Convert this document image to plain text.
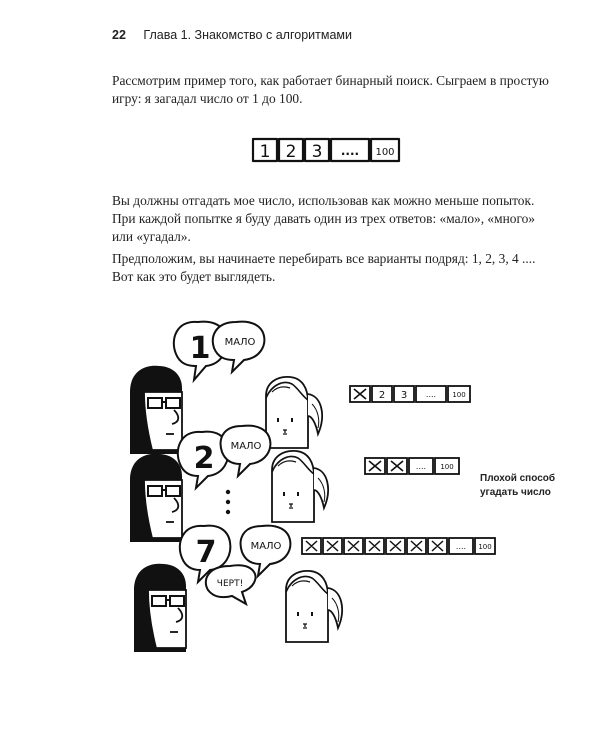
22 Глава 1. Знакомство с алгоритмами

Рассмотрим пример того, как работает бинарный поиск. Сыграем в простую игру: я загадал число от 1 до 100.

1 2 3 .... 100

Вы должны отгадать мое число, использовав как можно меньше попыток. При каждой попытке я буду давать один из трех ответов: «мало», «много» или «угадал».

Предположим, вы начинаете перебирать все варианты подряд: 1, 2, 3, 4 .... Вот как это будет выглядеть.

1 МАЛО
2 3 .... 100
2 МАЛО
.... 100
7	МАЛО
ЧЕРТ!
.... 100
Плохой способ угадать число
